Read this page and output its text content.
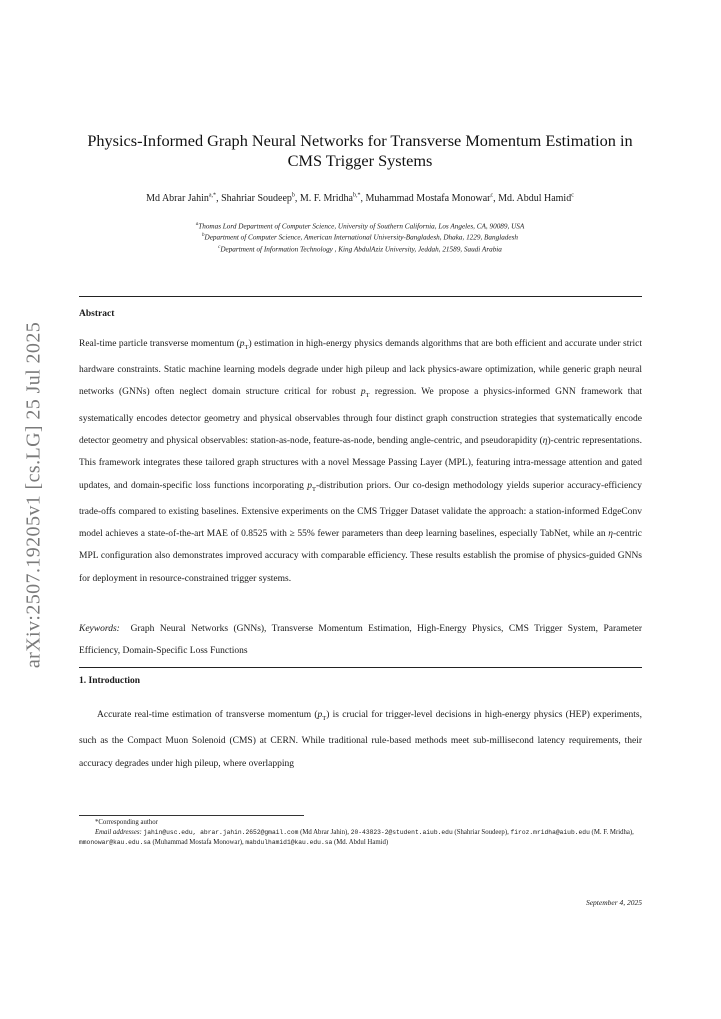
arXiv:2507.19205v1 [cs.LG] 25 Jul 2025
Physics-Informed Graph Neural Networks for Transverse Momentum Estimation in CMS Trigger Systems
Md Abrar Jahin$^{a,*}$, Shahriar Soudeep$^b$, M. F. Mridha$^{b,*}$, Muhammad Mostafa Monowar$^c$, Md. Abdul Hamid$^c$
$^a$Thomas Lord Department of Computer Science, University of Southern California, Los Angeles, CA, 90089, USA
$^b$Department of Computer Science, American International University-Bangladesh, Dhaka, 1229, Bangladesh
$^c$Department of Information Technology , King AbdulAziz University, Jeddah, 21589, Saudi Arabia
Abstract
Real-time particle transverse momentum $(p_T)$ estimation in high-energy physics demands algorithms that are both efficient and accurate under strict hardware constraints. Static machine learning models degrade under high pileup and lack physics-aware optimization, while generic graph neural networks (GNNs) often neglect domain structure critical for robust $p_T$ regression. We propose a physics-informed GNN framework that systematically encodes detector geometry and physical observables through four distinct graph construction strategies that systematically encode detector geometry and physical observables: station-as-node, feature-as-node, bending angle-centric, and pseudorapidity (η)-centric representations. This framework integrates these tailored graph structures with a novel Message Passing Layer (MPL), featuring intra-message attention and gated updates, and domain-specific loss functions incorporating $p_T$-distribution priors. Our co-design methodology yields superior accuracy-efficiency trade-offs compared to existing baselines. Extensive experiments on the CMS Trigger Dataset validate the approach: a station-informed EdgeConv model achieves a state-of-the-art MAE of 0.8525 with ≥ 55% fewer parameters than deep learning baselines, especially TabNet, while an η-centric MPL configuration also demonstrates improved accuracy with comparable efficiency. These results establish the promise of physics-guided GNNs for deployment in resource-constrained trigger systems.
Keywords: Graph Neural Networks (GNNs), Transverse Momentum Estimation, High-Energy Physics, CMS Trigger System, Parameter Efficiency, Domain-Specific Loss Functions
1. Introduction
Accurate real-time estimation of transverse momentum $(p_T)$ is crucial for trigger-level decisions in high-energy physics (HEP) experiments, such as the Compact Muon Solenoid (CMS) at CERN. While traditional rule-based methods meet sub-millisecond latency requirements, their accuracy degrades under high pileup, where overlapping
*Corresponding author
Email addresses: jahin@usc.edu, abrar.jahin.2652@gmail.com (Md Abrar Jahin), 20-43823-2@student.aiub.edu (Shahriar Soudeep), firoz.mridha@aiub.edu (M. F. Mridha), mmonowar@kau.edu.sa (Muhammad Mostafa Monowar), mabdulhamid1@kau.edu.sa (Md. Abdul Hamid)
September 4, 2025
